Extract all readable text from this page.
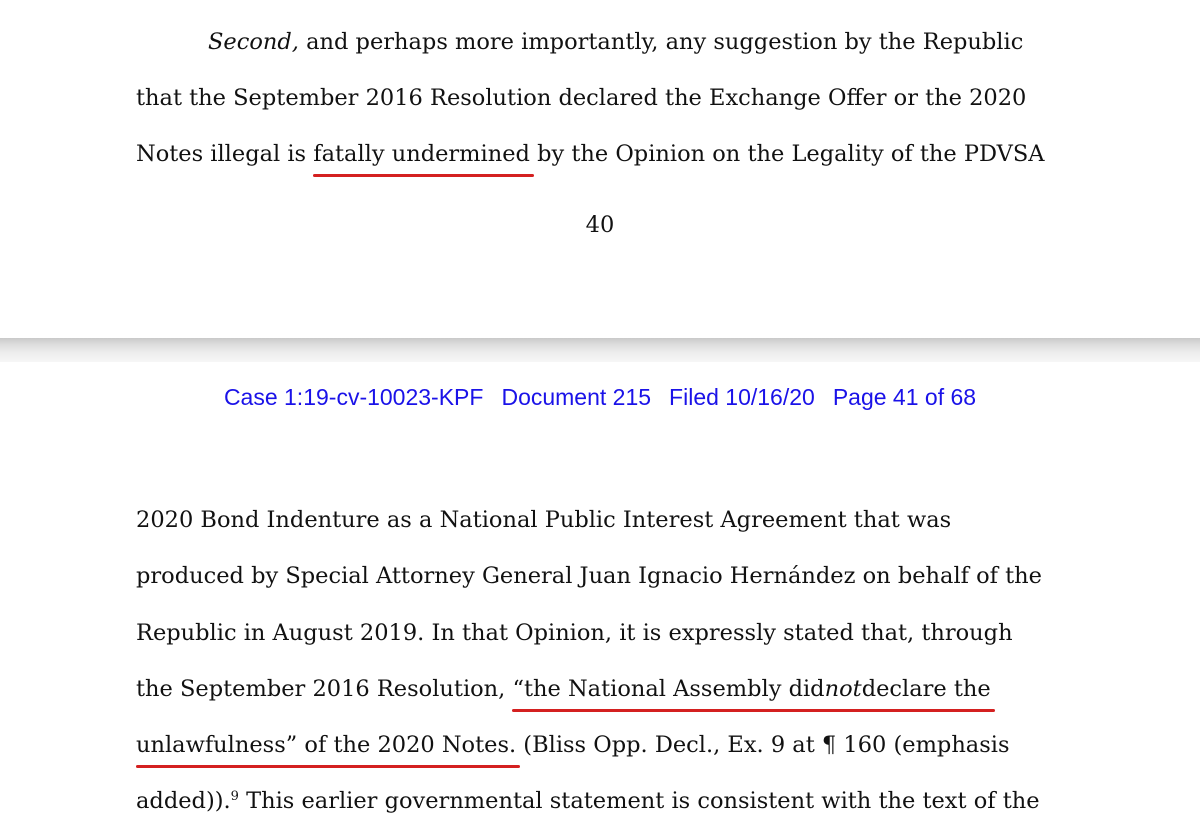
Second, and perhaps more importantly, any suggestion by the Republic
that the September 2016 Resolution declared the Exchange Offer or the 2020
Notes illegal is fatally undermined by the Opinion on the Legality of the PDVSA
40
Case 1:19-cv-10023-KPF Document 215 Filed 10/16/20 Page 41 of 68
2020 Bond Indenture as a National Public Interest Agreement that was
produced by Special Attorney General Juan Ignacio Hernández on behalf of the
Republic in August 2019. In that Opinion, it is expressly stated that, through
the September 2016 Resolution, “the National Assembly didnotdeclare the
unlawfulness” of the 2020 Notes. (Bliss Opp. Decl., Ex. 9 at ¶ 160 (emphasis
added)).$^9$ This earlier governmental statement is consistent with the text of the
